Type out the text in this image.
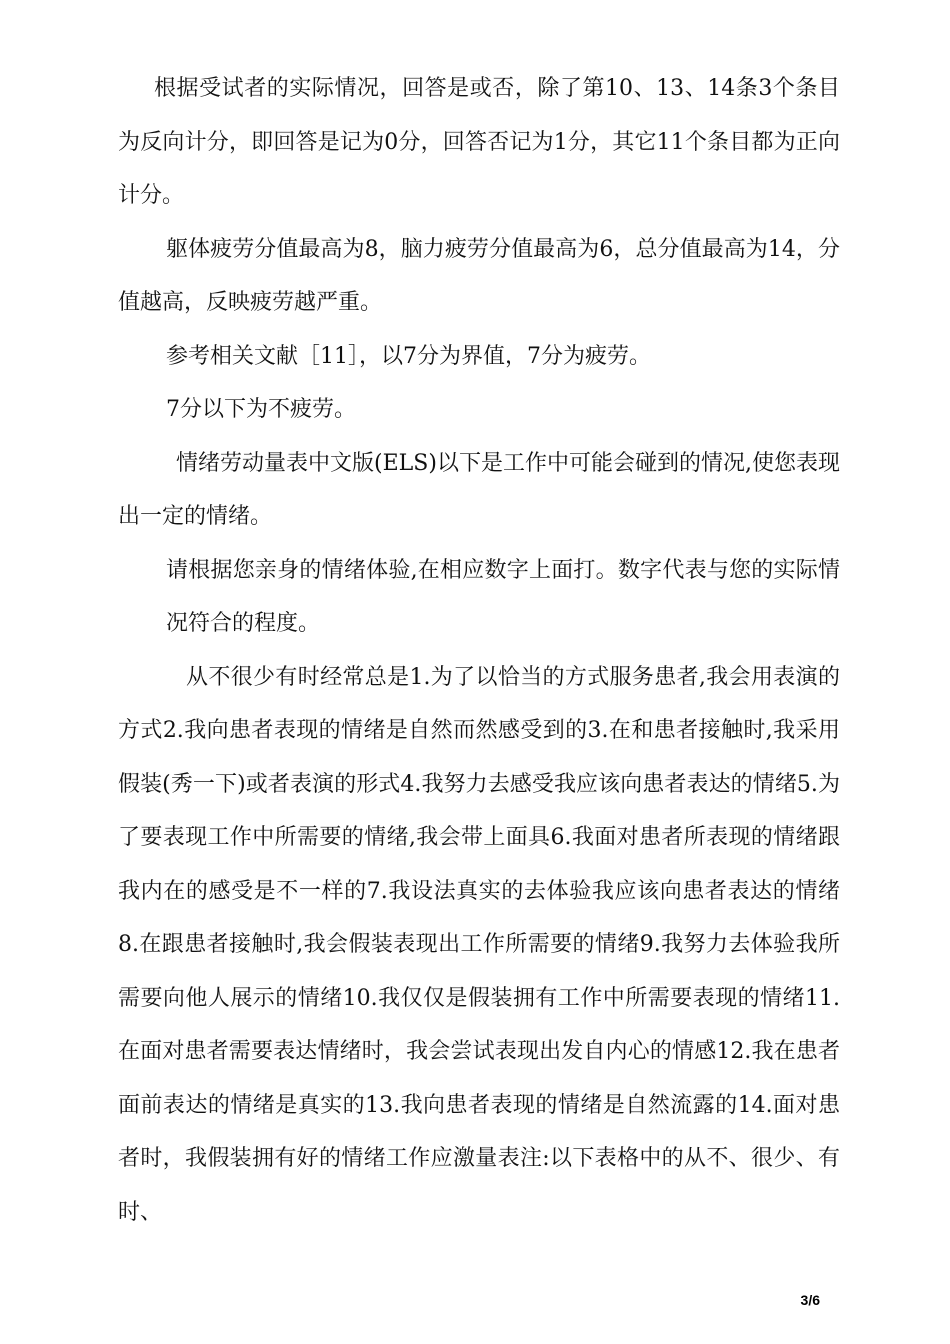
根据受试者的实际情况，回答是或否，除了第10、13、14条3个条目为反向计分，即回答是记为0分，回答否记为1分，其它11个条目都为正向计分。

躯体疲劳分值最高为8，脑力疲劳分值最高为6，总分值最高为14，分值越高，反映疲劳越严重。

参考相关文献［11］，以7分为界值，7分为疲劳。

7分以下为不疲劳。

情绪劳动量表中文版(ELS)以下是工作中可能会碰到的情况,使您表现出一定的情绪。

请根据您亲身的情绪体验,在相应数字上面打。数字代表与您的实际情况符合的程度。

从不很少有时经常总是1.为了以恰当的方式服务患者,我会用表演的方式2.我向患者表现的情绪是自然而然感受到的3.在和患者接触时,我采用假装(秀一下)或者表演的形式4.我努力去感受我应该向患者表达的情绪5.为了要表现工作中所需要的情绪,我会带上面具6.我面对患者所表现的情绪跟我内在的感受是不一样的7.我设法真实的去体验我应该向患者表达的情绪8.在跟患者接触时,我会假装表现出工作所需要的情绪9.我努力去体验我所需要向他人展示的情绪10.我仅仅是假装拥有工作中所需要表现的情绪11.在面对患者需要表达情绪时，我会尝试表现出发自内心的情感12.我在患者面前表达的情绪是真实的13.我向患者表现的情绪是自然流露的14.面对患者时，我假装拥有好的情绪工作应激量表注:以下表格中的从不、很少、有时、

3/6
